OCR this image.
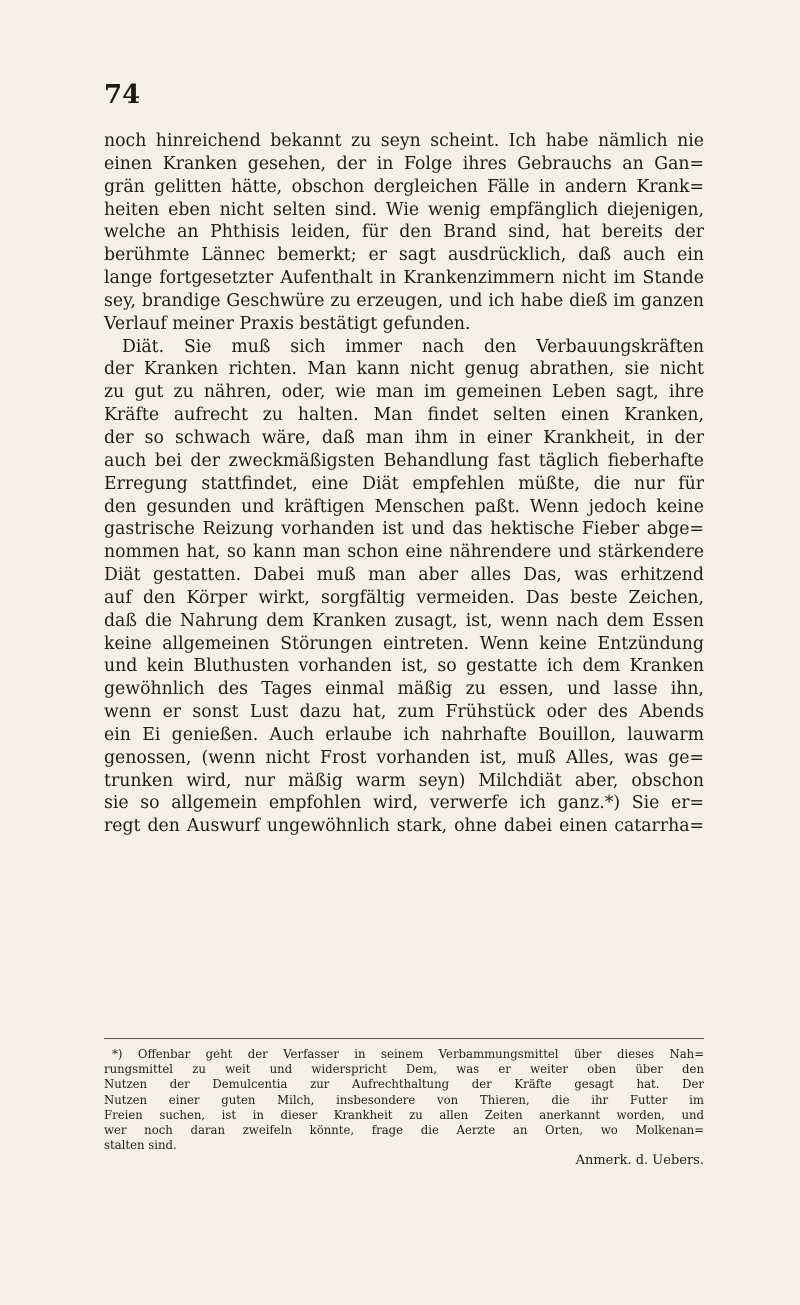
74
noch hinreichend bekannt zu seyn scheint. Ich habe nämlich nie
einen Kranken gesehen, der in Folge ihres Gebrauchs an Gan=
grän gelitten hätte, obschon dergleichen Fälle in andern Krank=
heiten eben nicht selten sind. Wie wenig empfänglich diejenigen,
welche an Phthisis leiden, für den Brand sind, hat bereits der
berühmte Lännec bemerkt; er sagt ausdrücklich, daß auch ein
lange fortgesetzter Aufenthalt in Krankenzimmern nicht im Stande
sey, brandige Geschwüre zu erzeugen, und ich habe dieß im ganzen
Verlauf meiner Praxis bestätigt gefunden.
Diät. Sie muß sich immer nach den Verbauungskräften
der Kranken richten. Man kann nicht genug abrathen, sie nicht
zu gut zu nähren, oder, wie man im gemeinen Leben sagt, ihre
Kräfte aufrecht zu halten. Man findet selten einen Kranken,
der so schwach wäre, daß man ihm in einer Krankheit, in der
auch bei der zweckmäßigsten Behandlung fast täglich fieberhafte
Erregung stattfindet, eine Diät empfehlen müßte, die nur für
den gesunden und kräftigen Menschen paßt. Wenn jedoch keine
gastrische Reizung vorhanden ist und das hektische Fieber abge=
nommen hat, so kann man schon eine nährendere und stärkendere
Diät gestatten. Dabei muß man aber alles Das, was erhitzend
auf den Körper wirkt, sorgfältig vermeiden. Das beste Zeichen,
daß die Nahrung dem Kranken zusagt, ist, wenn nach dem Essen
keine allgemeinen Störungen eintreten. Wenn keine Entzündung
und kein Bluthusten vorhanden ist, so gestatte ich dem Kranken
gewöhnlich des Tages einmal mäßig zu essen, und lasse ihn,
wenn er sonst Lust dazu hat, zum Frühstück oder des Abends
ein Ei genießen. Auch erlaube ich nahrhafte Bouillon, lauwarm
genossen, (wenn nicht Frost vorhanden ist, muß Alles, was ge=
trunken wird, nur mäßig warm seyn) Milchdiät aber, obschon
sie so allgemein empfohlen wird, verwerfe ich ganz.*) Sie er=
regt den Auswurf ungewöhnlich stark, ohne dabei einen catarrha=
*) Offenbar geht der Verfasser in seinem Verbammungsmittel über dieses Nah=
rungsmittel zu weit und widerspricht Dem, was er weiter oben über den
Nutzen der Demulcentia zur Aufrechthaltung der Kräfte gesagt hat. Der
Nutzen einer guten Milch, insbesondere von Thieren, die ihr Futter im
Freien suchen, ist in dieser Krankheit zu allen Zeiten anerkannt worden, und
wer noch daran zweifeln könnte, frage die Aerzte an Orten, wo Molkenan=
stalten sind.
Anmerk. d. Uebers.
